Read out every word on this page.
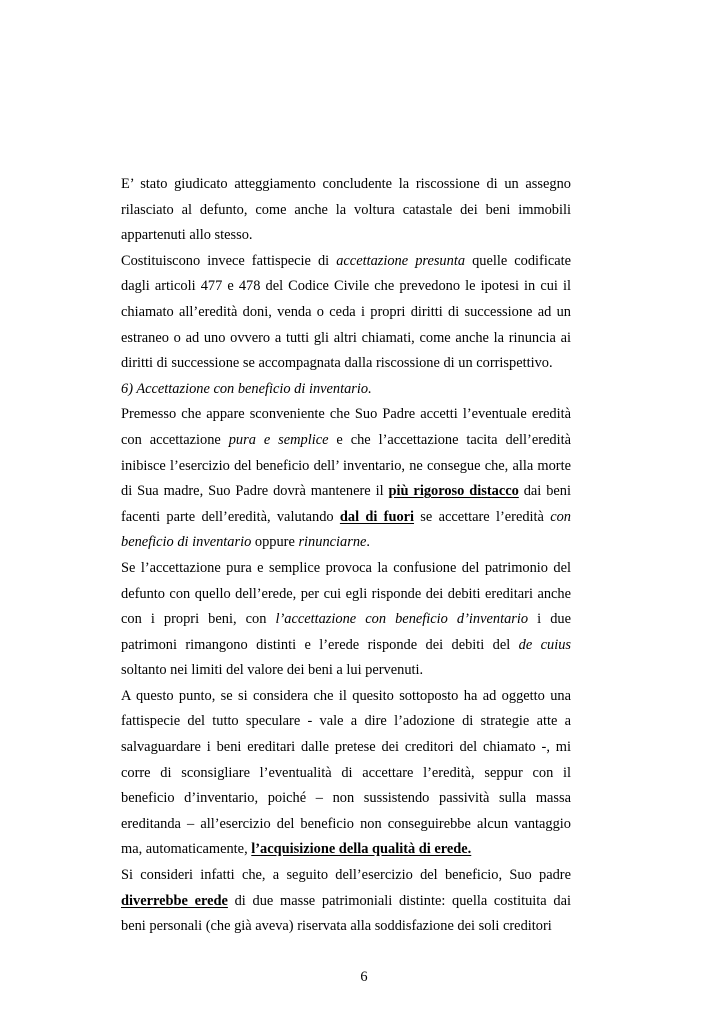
E’ stato giudicato atteggiamento concludente la riscossione di un assegno rilasciato al defunto, come anche la voltura catastale dei beni immobili appartenuti allo stesso.

Costituiscono invece fattispecie di accettazione presunta quelle codificate dagli articoli 477 e 478 del Codice Civile che prevedono le ipotesi in cui il chiamato all’eredità doni, venda o ceda i propri diritti di successione ad un estraneo o ad uno ovvero a tutti gli altri chiamati, come anche la rinuncia ai diritti di successione se accompagnata dalla riscossione di un corrispettivo.

6) Accettazione con beneficio di inventario.

Premesso che appare sconveniente che Suo Padre accetti l’eventuale eredità con accettazione pura e semplice e che l’accettazione tacita dell’eredità inibisce l’esercizio del beneficio dell’ inventario, ne consegue che, alla morte di Sua madre, Suo Padre dovrà mantenere il più rigoroso distacco dai beni facenti parte dell’eredità, valutando dal di fuori se accettare l’eredità con beneficio di inventario oppure rinunciarne.

Se l’accettazione pura e semplice provoca la confusione del patrimonio del defunto con quello dell’erede, per cui egli risponde dei debiti ereditari anche con i propri beni, con l’accettazione con beneficio d’inventario i due patrimoni rimangono distinti e l’erede risponde dei debiti del de cuius soltanto nei limiti del valore dei beni a lui pervenuti.

A questo punto, se si considera che il quesito sottoposto ha ad oggetto una fattispecie del tutto speculare - vale a dire l’adozione di strategie atte a salvaguardare i beni ereditari dalle pretese dei creditori del chiamato -, mi corre di sconsigliare l’eventualità di accettare l’eredità, seppur con il beneficio d’inventario, poiché – non sussistendo passività sulla massa ereditanda – all’esercizio del beneficio non conseguirebbe alcun vantaggio ma, automaticamente, l’acquisizione della qualità di erede.

Si consideri infatti che, a seguito dell’esercizio del beneficio, Suo padre diverrebbe erede di due masse patrimoniali distinte: quella costituita dai beni personali (che già aveva) riservata alla soddisfazione dei soli creditori

6
